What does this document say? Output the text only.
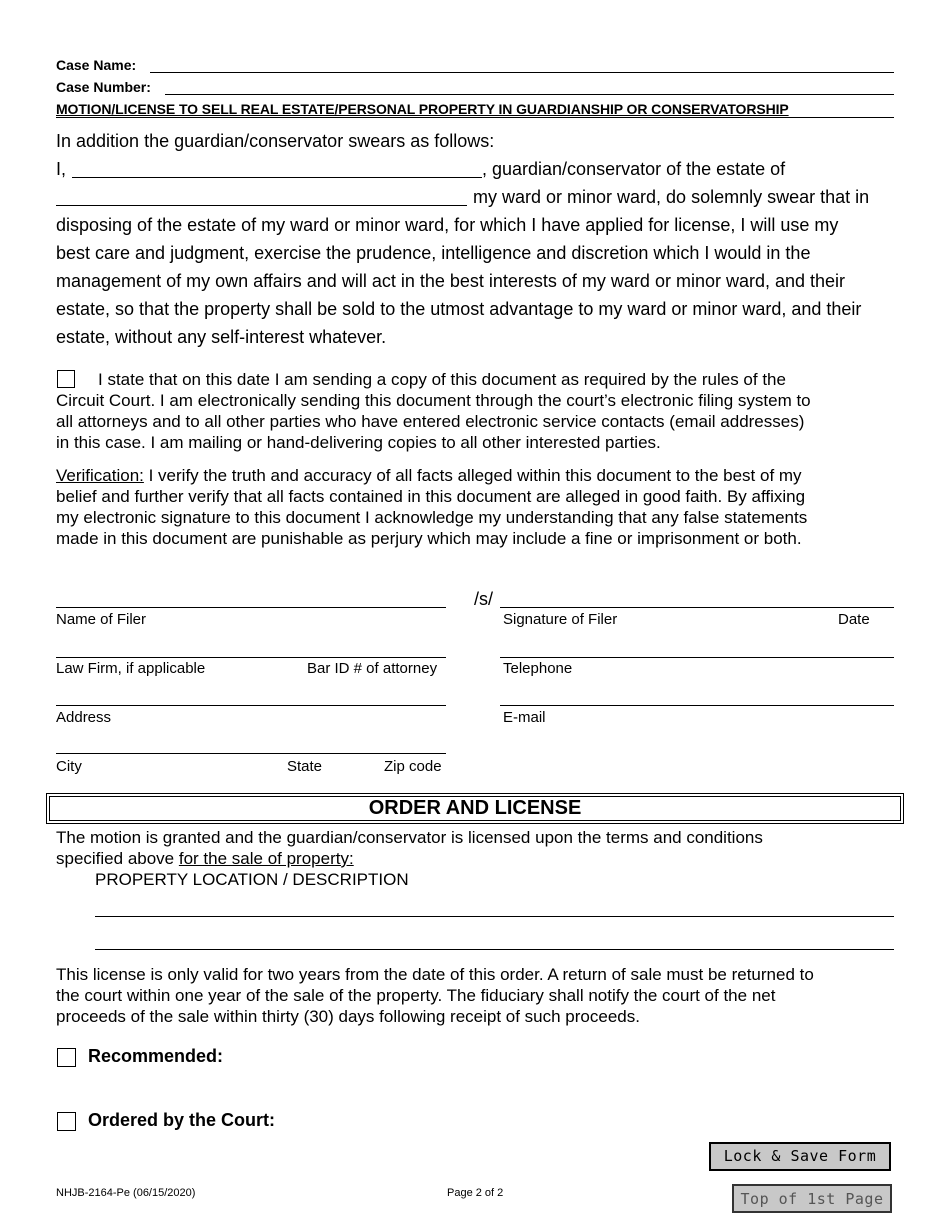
Case Name:
Case Number:
MOTION/LICENSE TO SELL REAL ESTATE/PERSONAL PROPERTY IN GUARDIANSHIP OR CONSERVATORSHIP
In addition the guardian/conservator swears as follows:
I,	, guardian/conservator of the estate of
my ward or minor ward, do solemnly swear that in
disposing of the estate of my ward or minor ward, for which I have applied for license, I will use my
best care and judgment, exercise the prudence, intelligence and discretion which I would in the
management of my own affairs and will act in the best interests of my ward or minor ward, and their
estate, so that the property shall be sold to the utmost advantage to my ward or minor ward, and their
estate, without any self-interest whatever.
I state that on this date I am sending a copy of this document as required by the rules of the
Circuit Court. I am electronically sending this document through the court’s electronic filing system to
all attorneys and to all other parties who have entered electronic service contacts (email addresses)
in this case. I am mailing or hand-delivering copies to all other interested parties.
Verification: I verify the truth and accuracy of all facts alleged within this document to the best of my
belief and further verify that all facts contained in this document are alleged in good faith. By affixing
my electronic signature to this document I acknowledge my understanding that any false statements
made in this document are punishable as perjury which may include a fine or imprisonment or both.
/s/
Name of Filer	Signature of Filer	Date
Law Firm, if applicable	Bar ID # of attorney	Telephone
Address	E-mail
City	State	Zip code
ORDER AND LICENSE
The motion is granted and the guardian/conservator is licensed upon the terms and conditions
specified above for the sale of property:
PROPERTY LOCATION / DESCRIPTION
This license is only valid for two years from the date of this order. A return of sale must be returned to
the court within one year of the sale of the property. The fiduciary shall notify the court of the net
proceeds of the sale within thirty (30) days following receipt of such proceeds.
Recommended:
Ordered by the Court:
Lock & Save Form
Top of 1st Page
NHJB-2164-Pe (06/15/2020)	Page 2 of 2
